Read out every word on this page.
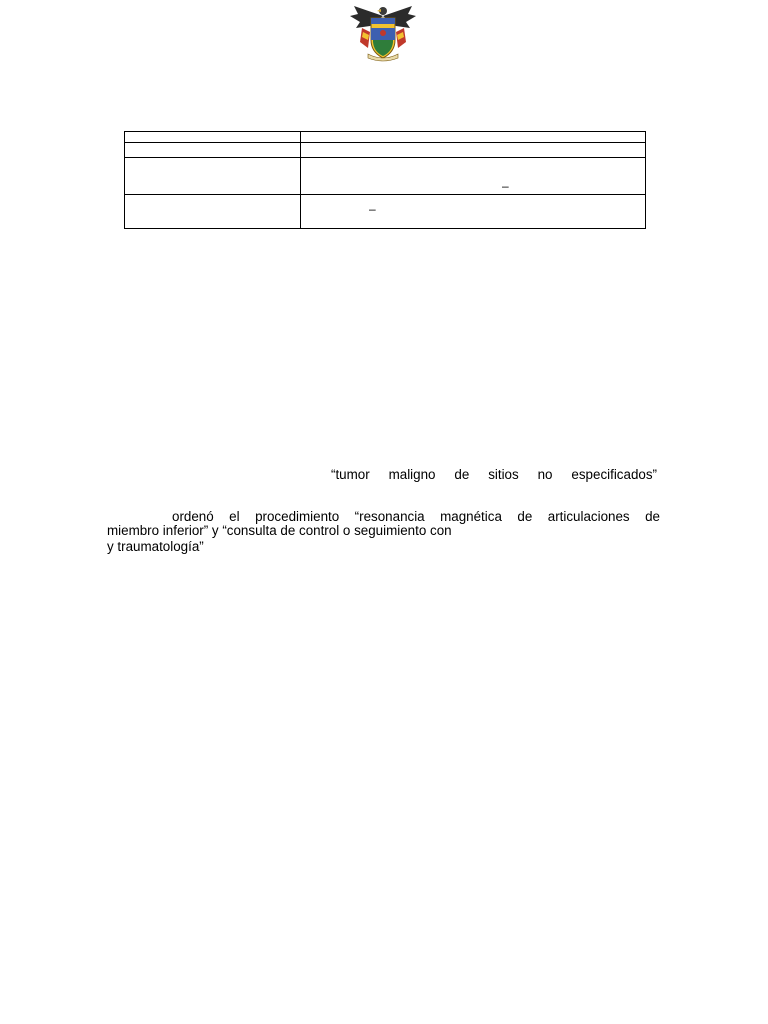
	–

	–
“tumor maligno de sitios no especificados”
ordenó el procedimiento “resonancia magnética de articulaciones de
miembro inferior” y “consulta de control o seguimiento con
y traumatología”
